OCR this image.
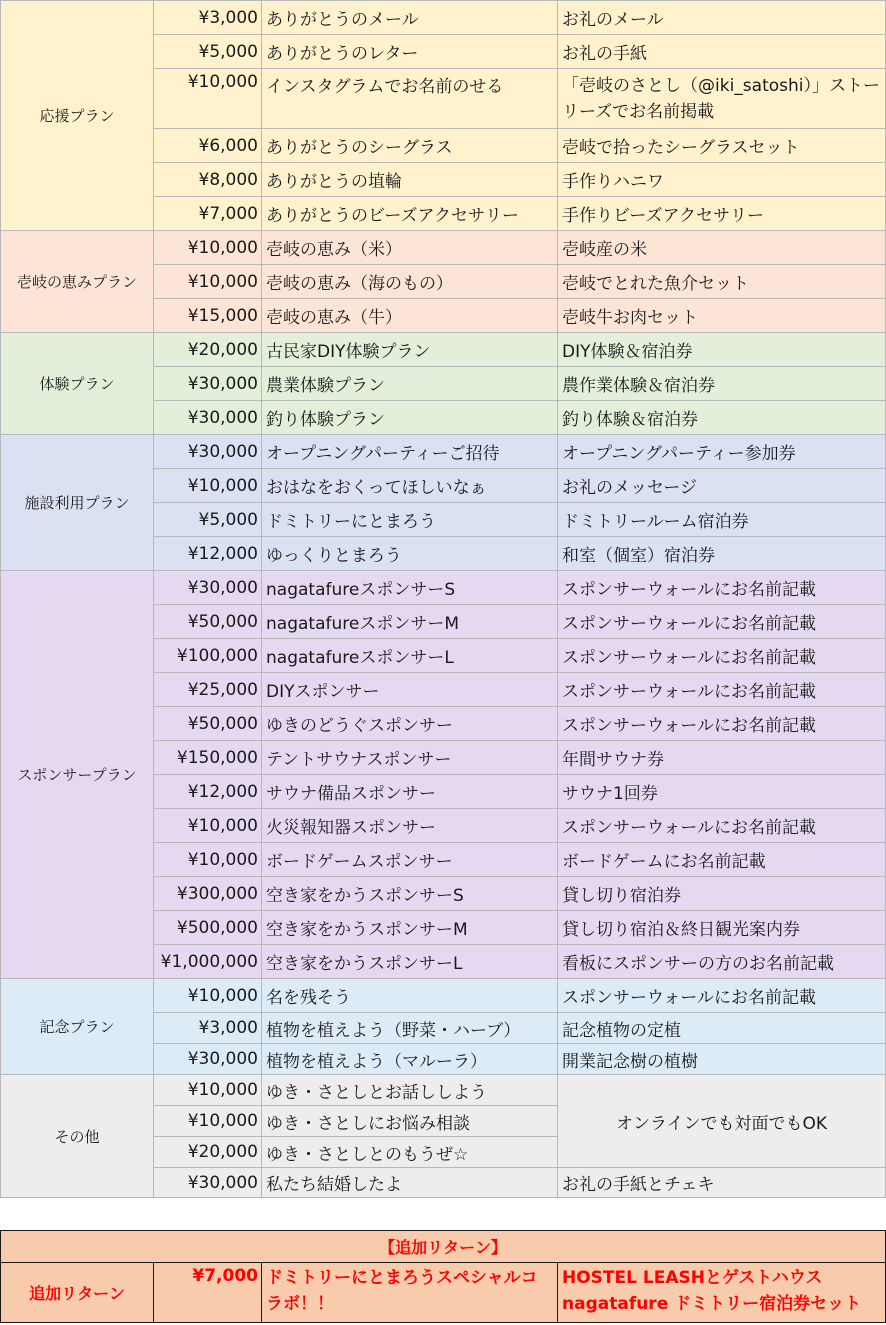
応援プラン	¥3,000	ありがとうのメール	お礼のメール
	¥5,000	ありがとうのレター	お礼の手紙
	¥10,000	インスタグラムでお名前のせる	「壱岐のさとし（@iki_satoshi）」ストーリーズでお名前掲載
	¥6,000	ありがとうのシーグラス	壱岐で拾ったシーグラスセット
	¥8,000	ありがとうの埴輪	手作りハニワ
	¥7,000	ありがとうのビーズアクセサリー	手作りビーズアクセサリー
壱岐の恵みプラン	¥10,000	壱岐の恵み（米）	壱岐産の米
	¥10,000	壱岐の恵み（海のもの）	壱岐でとれた魚介セット
	¥15,000	壱岐の恵み（牛）	壱岐牛お肉セット
体験プラン	¥20,000	古民家DIY体験プラン	DIY体験＆宿泊券
	¥30,000	農業体験プラン	農作業体験＆宿泊券
	¥30,000	釣り体験プラン	釣り体験＆宿泊券
施設利用プラン	¥30,000	オープニングパーティーご招待	オープニングパーティー参加券
	¥10,000	おはなをおくってほしいなぁ	お礼のメッセージ
	¥5,000	ドミトリーにとまろう	ドミトリールーム宿泊券
	¥12,000	ゆっくりとまろう	和室（個室）宿泊券
スポンサープラン	¥30,000	nagatafureスポンサーS	スポンサーウォールにお名前記載
	¥50,000	nagatafureスポンサーM	スポンサーウォールにお名前記載
	¥100,000	nagatafureスポンサーL	スポンサーウォールにお名前記載
	¥25,000	DIYスポンサー	スポンサーウォールにお名前記載
	¥50,000	ゆきのどうぐスポンサー	スポンサーウォールにお名前記載
	¥150,000	テントサウナスポンサー	年間サウナ券
	¥12,000	サウナ備品スポンサー	サウナ1回券
	¥10,000	火災報知器スポンサー	スポンサーウォールにお名前記載
	¥10,000	ボードゲームスポンサー	ボードゲームにお名前記載
	¥300,000	空き家をかうスポンサーS	貸し切り宿泊券
	¥500,000	空き家をかうスポンサーM	貸し切り宿泊＆終日観光案内券
	¥1,000,000	空き家をかうスポンサーL	看板にスポンサーの方のお名前記載
記念プラン	¥10,000	名を残そう	スポンサーウォールにお名前記載
	¥3,000	植物を植えよう（野菜・ハーブ）	記念植物の定植
	¥30,000	植物を植えよう（マルーラ）	開業記念樹の植樹
その他	¥10,000	ゆき・さとしとお話ししよう	オンラインでも対面でもOK
	¥10,000	ゆき・さとしにお悩み相談	
	¥20,000	ゆき・さとしとのもうぜ☆	
	¥30,000	私たち結婚したよ	お礼の手紙とチェキ
【追加リターン】
追加リターン	¥7,000	ドミトリーにとまろうスペシャルコラボ！！	HOSTEL LEASHとゲストハウスnagatafure ドミトリー宿泊券セット
